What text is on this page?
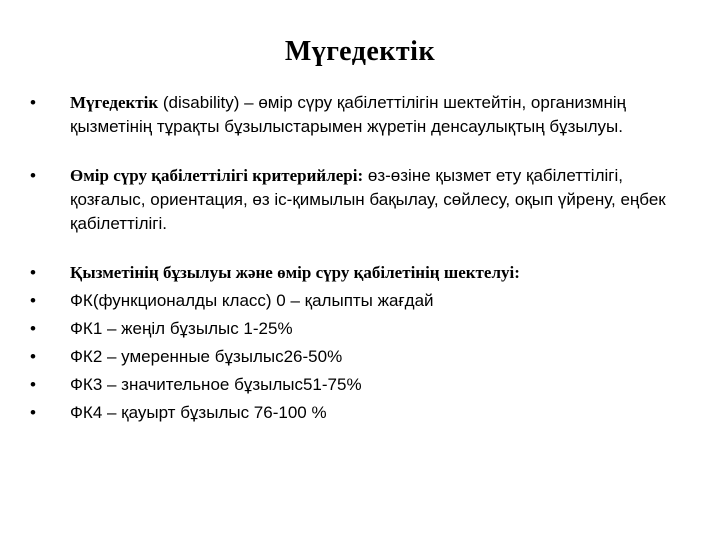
Мүгедектік
•	Мүгедектік (disability) – өмір сүру қабілеттілігін шектейтін, организмнің қызметінің тұрақты бұзылыстарымен жүретін денсаулықтың бұзылуы.
•	Өмір сүру қабілеттілігі критерийлері: өз-өзіне қызмет ету қабілеттілігі, қозғалыс, ориентация, өз іс-қимылын бақылау, сөйлесу, оқып үйрену, еңбек қабілеттілігі.
•	Қызметінің бұзылуы және өмір сүру қабілетінің шектелуі:
•	ФК(функционалды класс) 0 – қалыпты жағдай
•	ФК1 – жеңіл бұзылыс 1-25%
•	ФК2 – умеренные бұзылыс26-50%
•	ФК3 – значительное бұзылыс51-75%
•	ФК4 – қауырт бұзылыс 76-100 %
